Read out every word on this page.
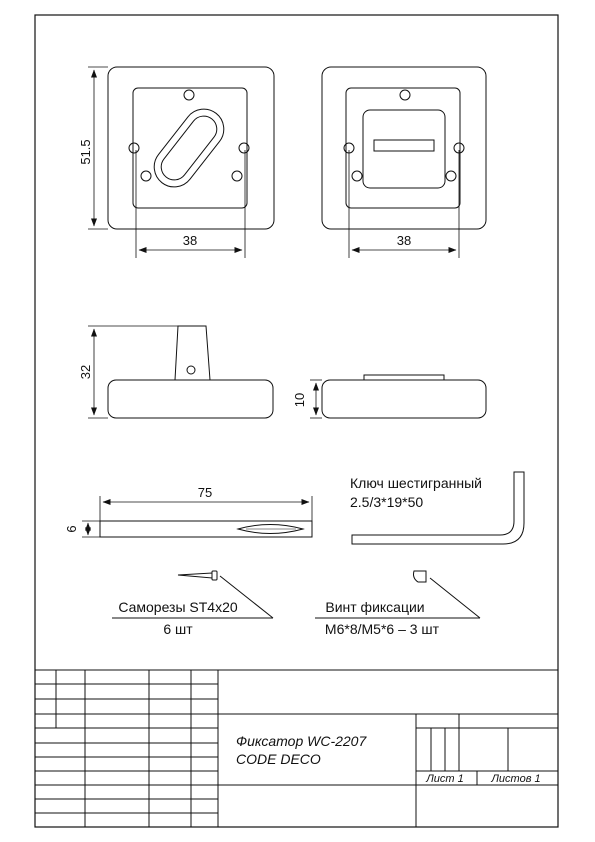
51.5
38	38
32
10
75
6
Ключ шестигранный
2.5/3*19*50
Саморезы ST4x20
6 шт
Винт фиксации
M6*8/M5*6 – 3 шт
Фиксатор WC-2207
CODE DECO
Лист 1	Листов 1
